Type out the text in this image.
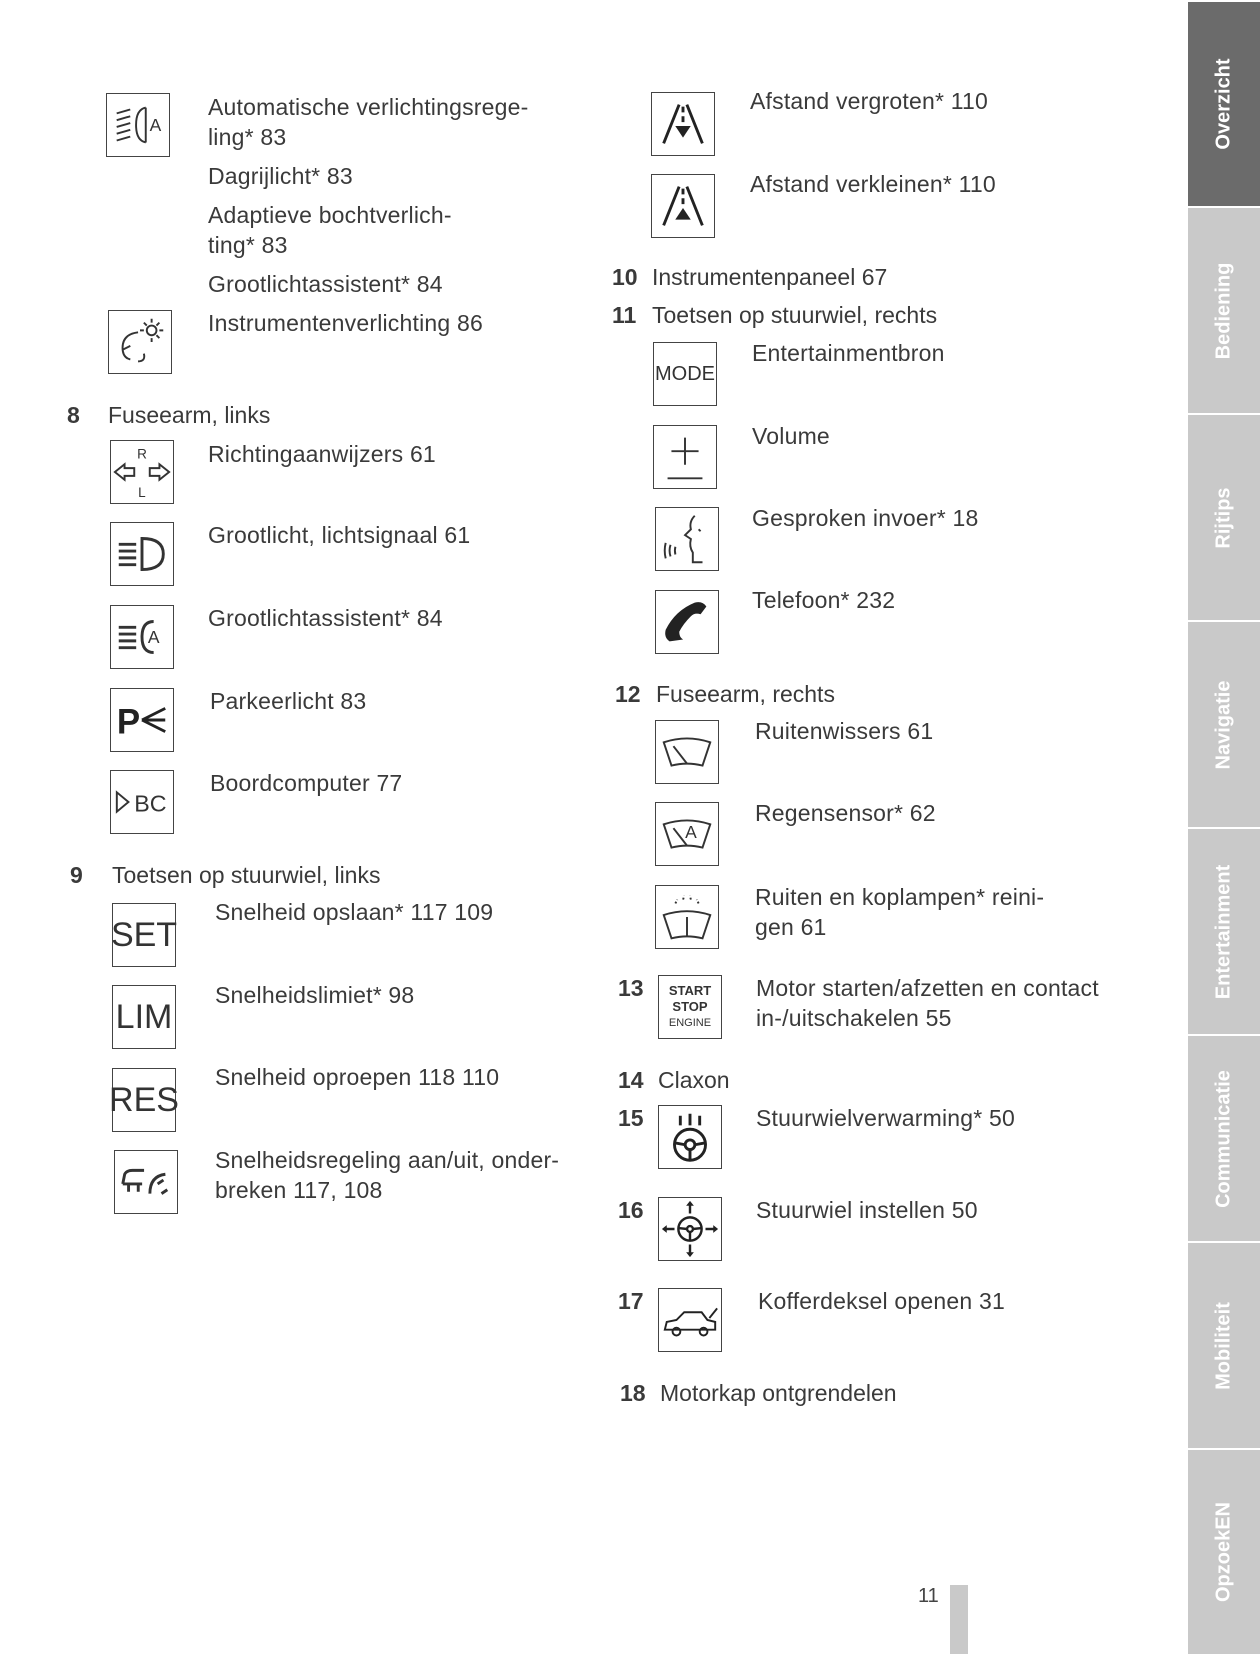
A
Automatische verlichtingsrege-
ling* 83
Dagrijlicht* 83
Adaptieve bochtverlich-
ting* 83
Grootlichtassistent* 84
Instrumentenverlichting 86
8 Fuseearm, links
R
L
Richtingaanwijzers 61
Grootlicht, lichtsignaal 61
A
Grootlichtassistent* 84
P
Parkeerlicht 83
BC
Boordcomputer 77
9 Toetsen op stuurwiel, links
SET
Snelheid opslaan* 117 109
LIM
Snelheidslimiet* 98
RES
Snelheid oproepen 118 110
Snelheidsregeling aan/uit, onder-
breken 117, 108
Afstand vergroten* 110
Afstand verkleinen* 110
10 Instrumentenpaneel 67
11 Toetsen op stuurwiel, rechts
MODE
Entertainmentbron
Volume
Gesproken invoer* 18
Telefoon* 232
12 Fuseearm, rechts
Ruitenwissers 61
A
Regensensor* 62
Ruiten en koplampen* reini-
gen 61
13 START
STOP
ENGINE
Motor starten/afzetten en contact
in-/uitschakelen 55
14 Claxon
15	Stuurwielverwarming* 50
16	Stuurwiel instellen 50
17	Kofferdeksel openen 31
18 Motorkap ontgrendelen
Overzicht
Bediening
Rijtips
Navigatie
Entertainment
Communicatie
Mobiliteit
OpzoekEN
11
